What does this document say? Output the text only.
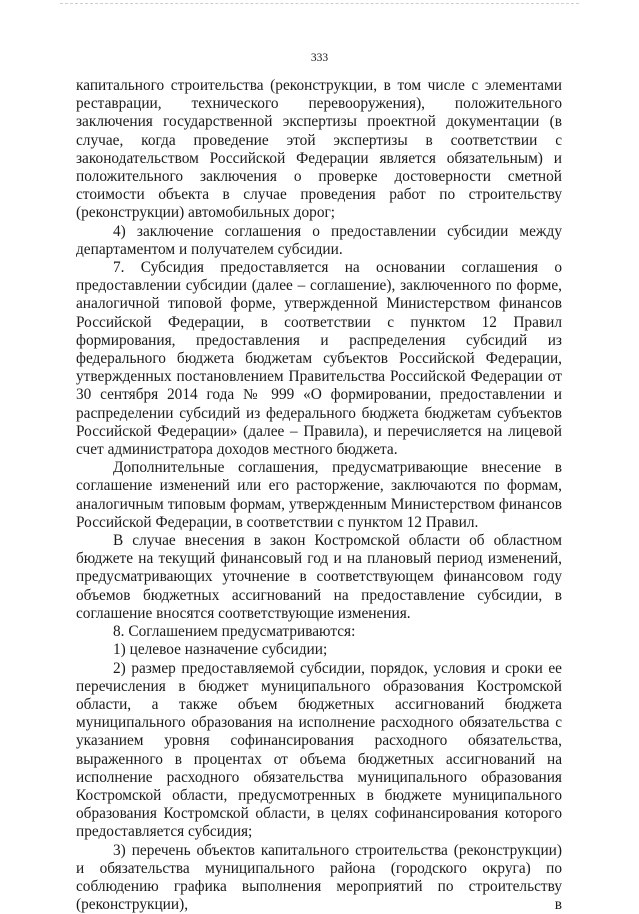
333

капитального строительства (реконструкции, в том числе с элементами реставрации, технического перевооружения), положительного заключения государственной экспертизы проектной документации (в случае, когда проведение этой экспертизы в соответствии с законодательством Российской Федерации является обязательным) и положительного заключения о проверке достоверности сметной стоимости объекта в случае проведения работ по строительству (реконструкции) автомобильных дорог;

4) заключение соглашения о предоставлении субсидии между департаментом и получателем субсидии.

7. Субсидия предоставляется на основании соглашения о предоставлении субсидии (далее – соглашение), заключенного по форме, аналогичной типовой форме, утвержденной Министерством финансов Российской Федерации, в соответствии с пунктом 12 Правил формирования, предоставления и распределения субсидий из федерального бюджета бюджетам субъектов Российской Федерации, утвержденных постановлением Правительства Российской Федерации от 30 сентября 2014 года № 999 «О формировании, предоставлении и распределении субсидий из федерального бюджета бюджетам субъектов Российской Федерации» (далее – Правила), и перечисляется на лицевой счет администратора доходов местного бюджета.

Дополнительные соглашения, предусматривающие внесение в соглашение изменений или его расторжение, заключаются по формам, аналогичным типовым формам, утвержденным Министерством финансов Российской Федерации, в соответствии с пунктом 12 Правил.

В случае внесения в закон Костромской области об областном бюджете на текущий финансовый год и на плановый период изменений, предусматривающих уточнение в соответствующем финансовом году объемов бюджетных ассигнований на предоставление субсидии, в соглашение вносятся соответствующие изменения.

8. Соглашением предусматриваются:

1) целевое назначение субсидии;

2) размер предоставляемой субсидии, порядок, условия и сроки ее перечисления в бюджет муниципального образования Костромской области, а также объем бюджетных ассигнований бюджета муниципального образования на исполнение расходного обязательства с указанием уровня софинансирования расходного обязательства, выраженного в процентах от объема бюджетных ассигнований на исполнение расходного обязательства муниципального образования Костромской области, предусмотренных в бюджете муниципального образования Костромской области, в целях софинансирования которого предоставляется субсидия;

3) перечень объектов капитального строительства (реконструкции) и обязательства муниципального района (городского округа) по соблюдению графика выполнения мероприятий по строительству (реконструкции), в
